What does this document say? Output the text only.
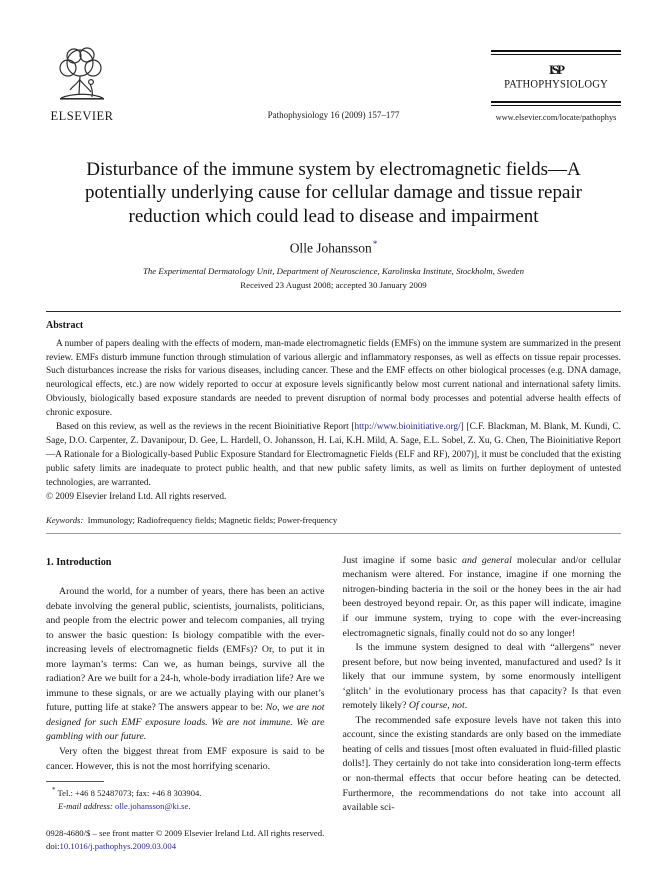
ELSEVIER	Pathophysiology 16 (2009) 157–177
ISP
PATHOPHYSIOLOGY
www.elsevier.com/locate/pathophys
Disturbance of the immune system by electromagnetic fields—A potentially underlying cause for cellular damage and tissue repair reduction which could lead to disease and impairment
Olle Johansson*
The Experimental Dermatology Unit, Department of Neuroscience, Karolinska Institute, Stockholm, Sweden
Received 23 August 2008; accepted 30 January 2009
Abstract

A number of papers dealing with the effects of modern, man-made electromagnetic fields (EMFs) on the immune system are summarized in the present review. EMFs disturb immune function through stimulation of various allergic and inflammatory responses, as well as effects on tissue repair processes. Such disturbances increase the risks for various diseases, including cancer. These and the EMF effects on other biological processes (e.g. DNA damage, neurological effects, etc.) are now widely reported to occur at exposure levels significantly below most current national and international safety limits. Obviously, biologically based exposure standards are needed to prevent disruption of normal body processes and potential adverse health effects of chronic exposure.

Based on this review, as well as the reviews in the recent Bioinitiative Report [http://www.bioinitiative.org/] [C.F. Blackman, M. Blank, M. Kundi, C. Sage, D.O. Carpenter, Z. Davanipour, D. Gee, L. Hardell, O. Johansson, H. Lai, K.H. Mild, A. Sage, E.L. Sobel, Z. Xu, G. Chen, The Bioinitiative Report—A Rationale for a Biologically-based Public Exposure Standard for Electromagnetic Fields (ELF and RF), 2007)], it must be concluded that the existing public safety limits are inadequate to protect public health, and that new public safety limits, as well as limits on further deployment of untested technologies, are warranted.

© 2009 Elsevier Ireland Ltd. All rights reserved.
Keywords: Immunology; Radiofrequency fields; Magnetic fields; Power-frequency
1. Introduction

Around the world, for a number of years, there has been an active debate involving the general public, scientists, journalists, politicians, and people from the electric power and telecom companies, all trying to answer the basic question: Is biology compatible with the ever-increasing levels of electromagnetic fields (EMFs)? Or, to put it in more layman’s terms: Can we, as human beings, survive all the radiation? Are we built for a 24-h, whole-body irradiation life? Are we immune to these signals, or are we actually playing with our planet’s future, putting life at stake? The answers appear to be: No, we are not designed for such EMF exposure loads. We are not immune. We are gambling with our future.

Very often the biggest threat from EMF exposure is said to be cancer. However, this is not the most horrifying scenario.

* Tel.: +46 8 52487073; fax: +46 8 303904.
E-mail address: olle.johansson@ki.se.

Just imagine if some basic and general molecular and/or cellular mechanism were altered. For instance, imagine if one morning the nitrogen-binding bacteria in the soil or the honey bees in the air had been destroyed beyond repair. Or, as this paper will indicate, imagine if our immune system, trying to cope with the ever-increasing electromagnetic signals, finally could not do so any longer!

Is the immune system designed to deal with “allergens” never present before, but now being invented, manufactured and used? Is it likely that our immune system, by some enormously intelligent ‘glitch’ in the evolutionary process has that capacity? Is that even remotely likely? Of course, not.

The recommended safe exposure levels have not taken this into account, since the existing standards are only based on the immediate heating of cells and tissues [most often evaluated in fluid-filled plastic dolls!]. They certainly do not take into consideration long-term effects or non-thermal effects that occur before heating can be detected. Furthermore, the recommendations do not take into account all available sci-

0928-4680/$ – see front matter © 2009 Elsevier Ireland Ltd. All rights reserved.
doi:10.1016/j.pathophys.2009.03.004
